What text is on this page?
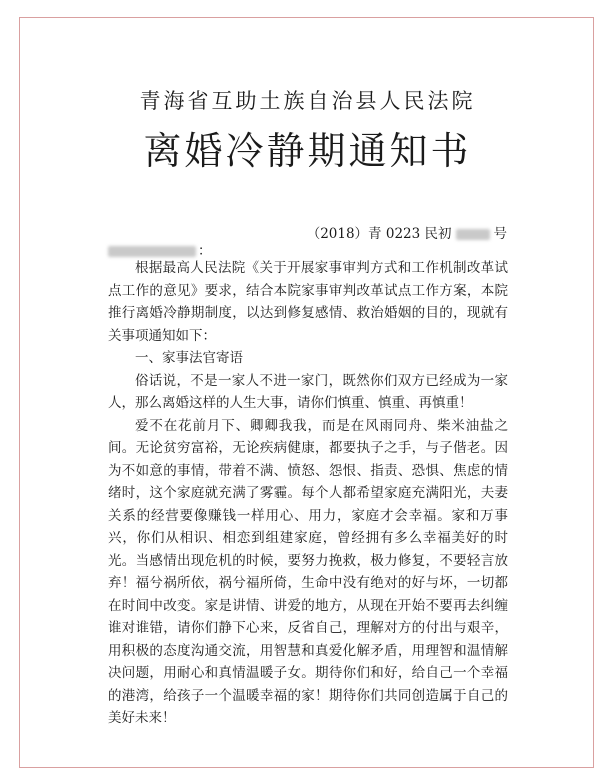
青海省互助土族自治县人民法院
离婚冷静期通知书
（2018）青 0223 民初	号
：

根据最高人民法院《关于开展家事审判方式和工作机制改革试点工作的意见》要求，结合本院家事审判改革试点工作方案，本院推行离婚冷静期制度，以达到修复感情、救治婚姻的目的，现就有关事项通知如下：

一、家事法官寄语

俗话说，不是一家人不进一家门，既然你们双方已经成为一家人，那么离婚这样的人生大事，请你们慎重、慎重、再慎重！

爱不在花前月下、卿卿我我，而是在风雨同舟、柴米油盐之间。无论贫穷富裕，无论疾病健康，都要执子之手，与子偕老。因为不如意的事情，带着不满、愤怒、怨恨、指责、恐惧、焦虑的情绪时，这个家庭就充满了雾霾。每个人都希望家庭充满阳光，夫妻关系的经营要像赚钱一样用心、用力，家庭才会幸福。家和万事兴，你们从相识、相恋到组建家庭，曾经拥有多么幸福美好的时光。当感情出现危机的时候，要努力挽救，极力修复，不要轻言放弃！福兮祸所依，祸兮福所倚，生命中没有绝对的好与坏，一切都在时间中改变。家是讲情、讲爱的地方，从现在开始不要再去纠缠谁对谁错，请你们静下心来，反省自己，理解对方的付出与艰辛，用积极的态度沟通交流，用智慧和真爱化解矛盾，用理智和温情解决问题，用耐心和真情温暖子女。期待你们和好，给自己一个幸福的港湾，给孩子一个温暖幸福的家！期待你们共同创造属于自己的美好未来！
